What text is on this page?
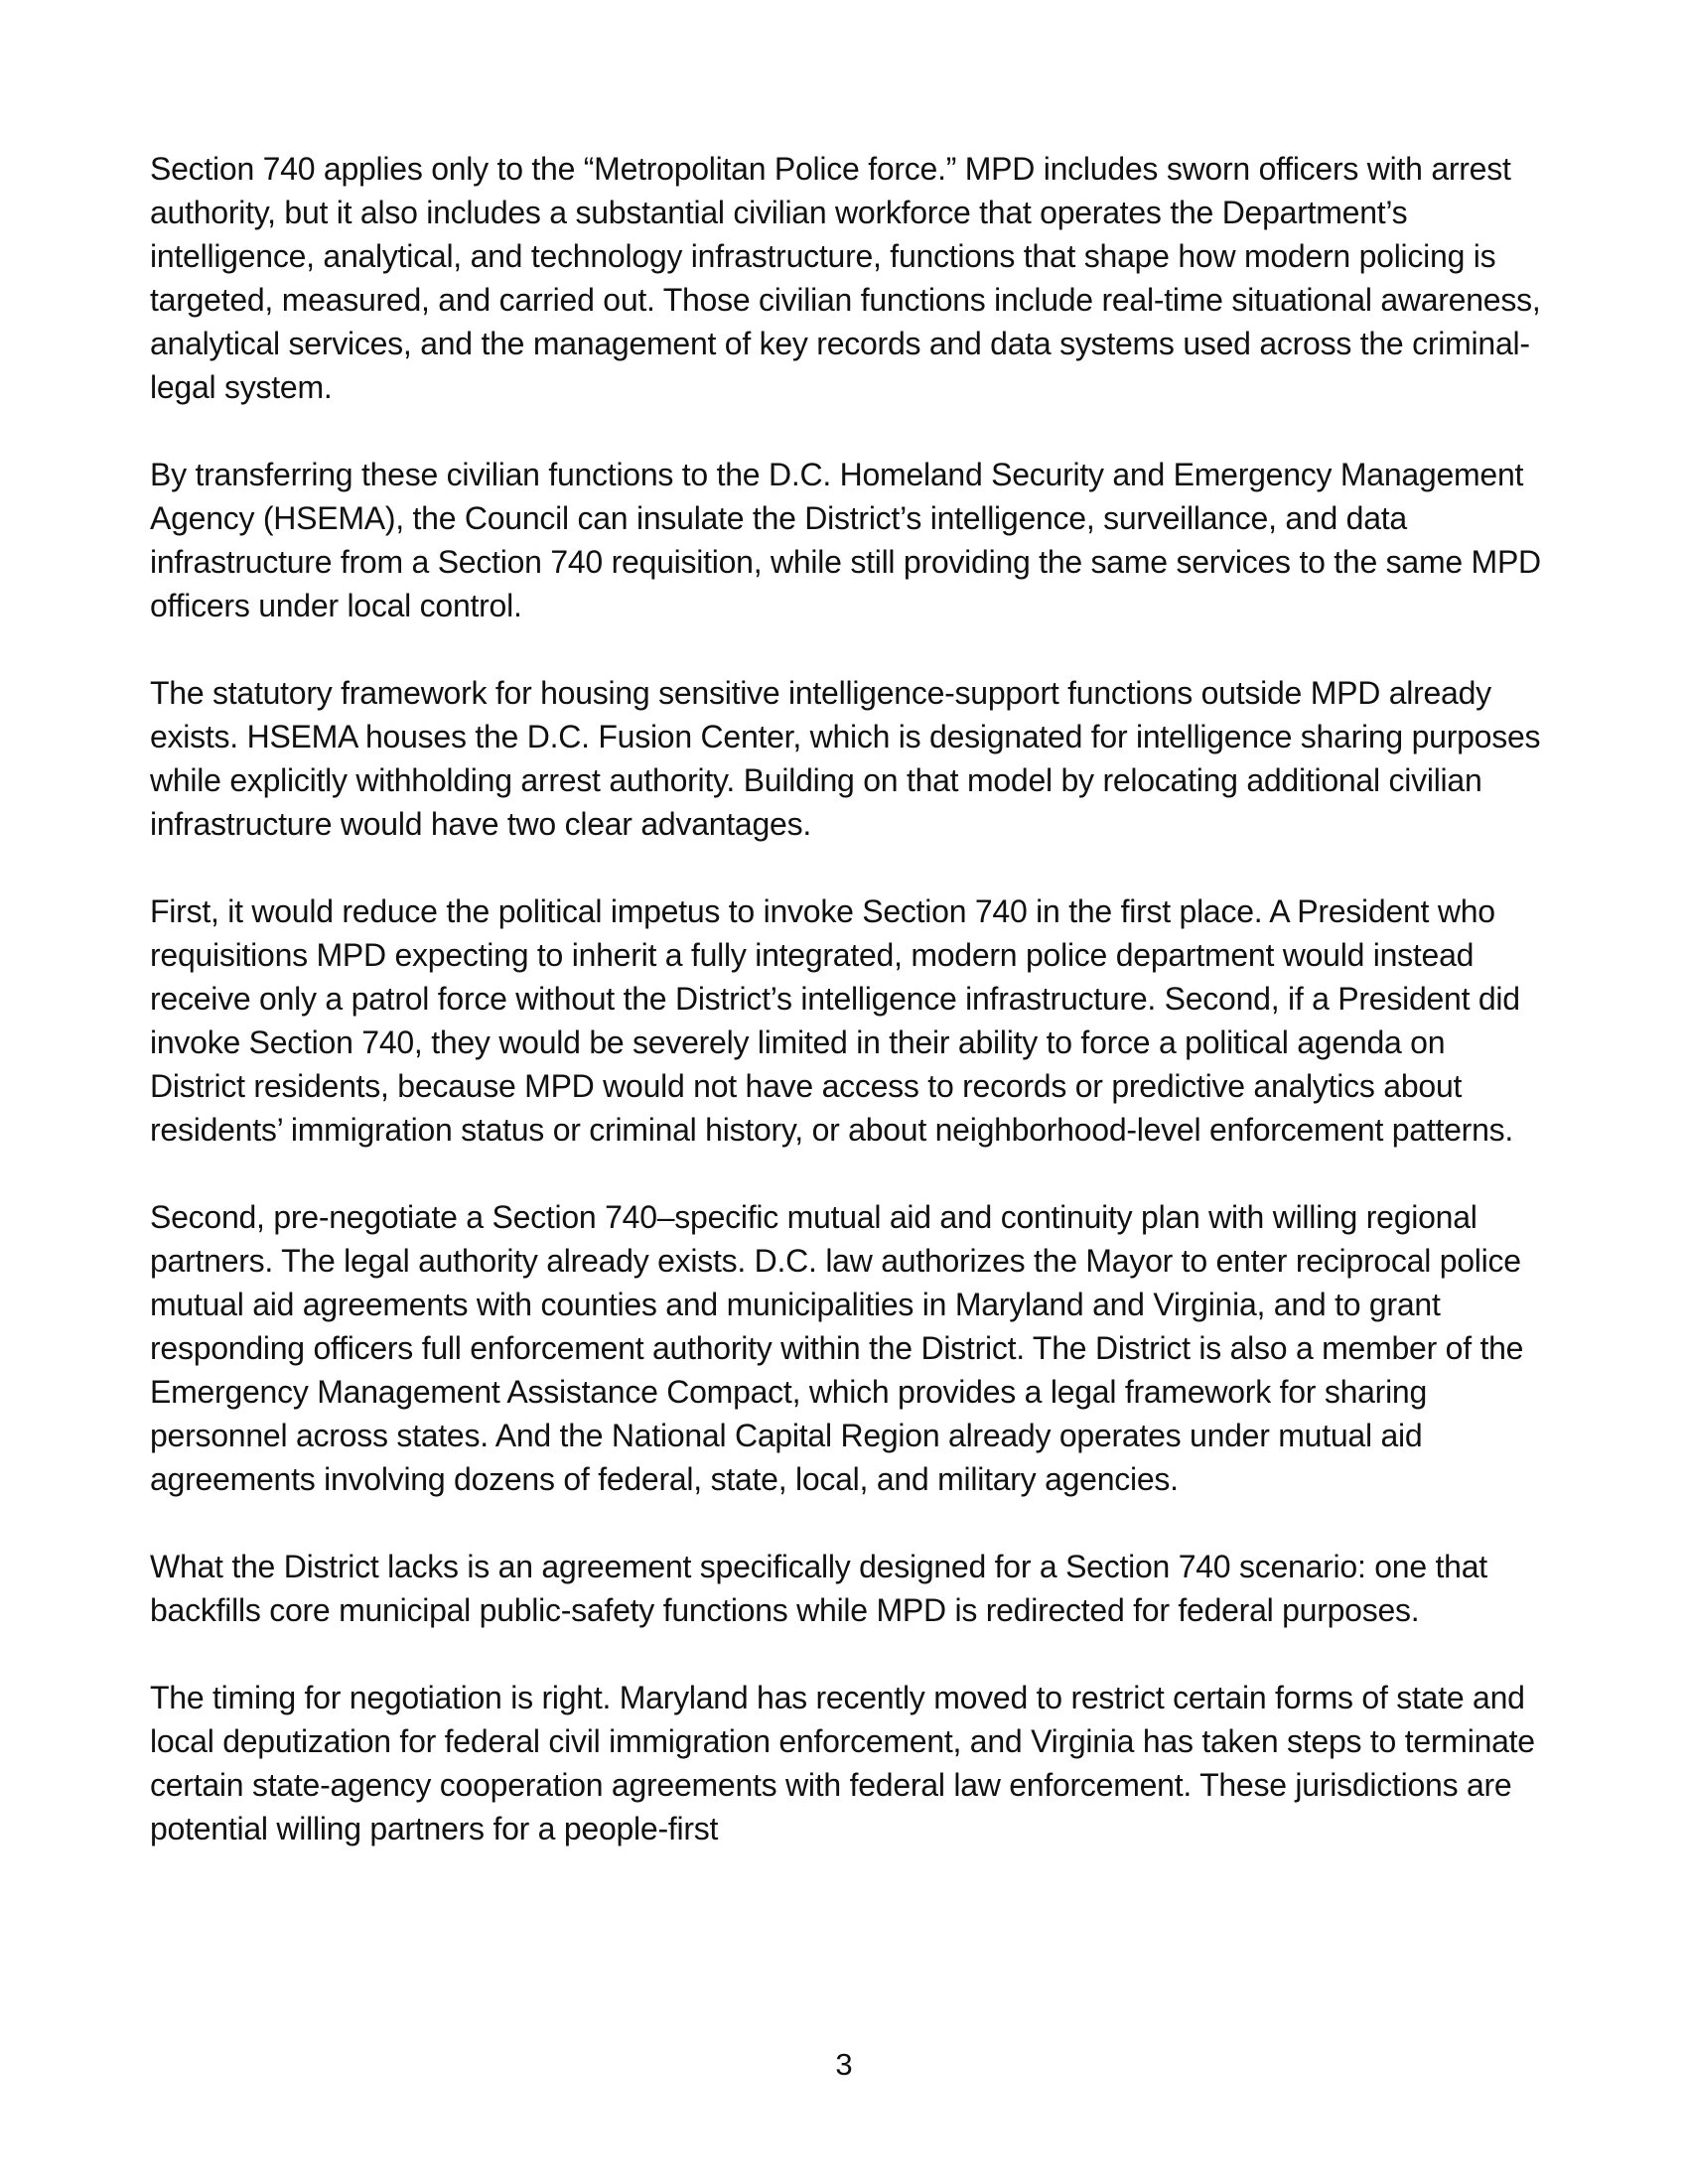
Section 740 applies only to the “Metropolitan Police force.” MPD includes sworn officers with arrest authority, but it also includes a substantial civilian workforce that operates the Department’s intelligence, analytical, and technology infrastructure, functions that shape how modern policing is targeted, measured, and carried out. Those civilian functions include real-time situational awareness, analytical services, and the management of key records and data systems used across the criminal-legal system.

By transferring these civilian functions to the D.C. Homeland Security and Emergency Management Agency (HSEMA), the Council can insulate the District’s intelligence, surveillance, and data infrastructure from a Section 740 requisition, while still providing the same services to the same MPD officers under local control.

The statutory framework for housing sensitive intelligence-support functions outside MPD already exists. HSEMA houses the D.C. Fusion Center, which is designated for intelligence sharing purposes while explicitly withholding arrest authority. Building on that model by relocating additional civilian infrastructure would have two clear advantages.

First, it would reduce the political impetus to invoke Section 740 in the first place. A President who requisitions MPD expecting to inherit a fully integrated, modern police department would instead receive only a patrol force without the District’s intelligence infrastructure. Second, if a President did invoke Section 740, they would be severely limited in their ability to force a political agenda on District residents, because MPD would not have access to records or predictive analytics about residents’ immigration status or criminal history, or about neighborhood-level enforcement patterns.

Second, pre-negotiate a Section 740–specific mutual aid and continuity plan with willing regional partners. The legal authority already exists. D.C. law authorizes the Mayor to enter reciprocal police mutual aid agreements with counties and municipalities in Maryland and Virginia, and to grant responding officers full enforcement authority within the District. The District is also a member of the Emergency Management Assistance Compact, which provides a legal framework for sharing personnel across states. And the National Capital Region already operates under mutual aid agreements involving dozens of federal, state, local, and military agencies.

What the District lacks is an agreement specifically designed for a Section 740 scenario: one that backfills core municipal public-safety functions while MPD is redirected for federal purposes.

The timing for negotiation is right. Maryland has recently moved to restrict certain forms of state and local deputization for federal civil immigration enforcement, and Virginia has taken steps to terminate certain state-agency cooperation agreements with federal law enforcement. These jurisdictions are potential willing partners for a people-first

3
